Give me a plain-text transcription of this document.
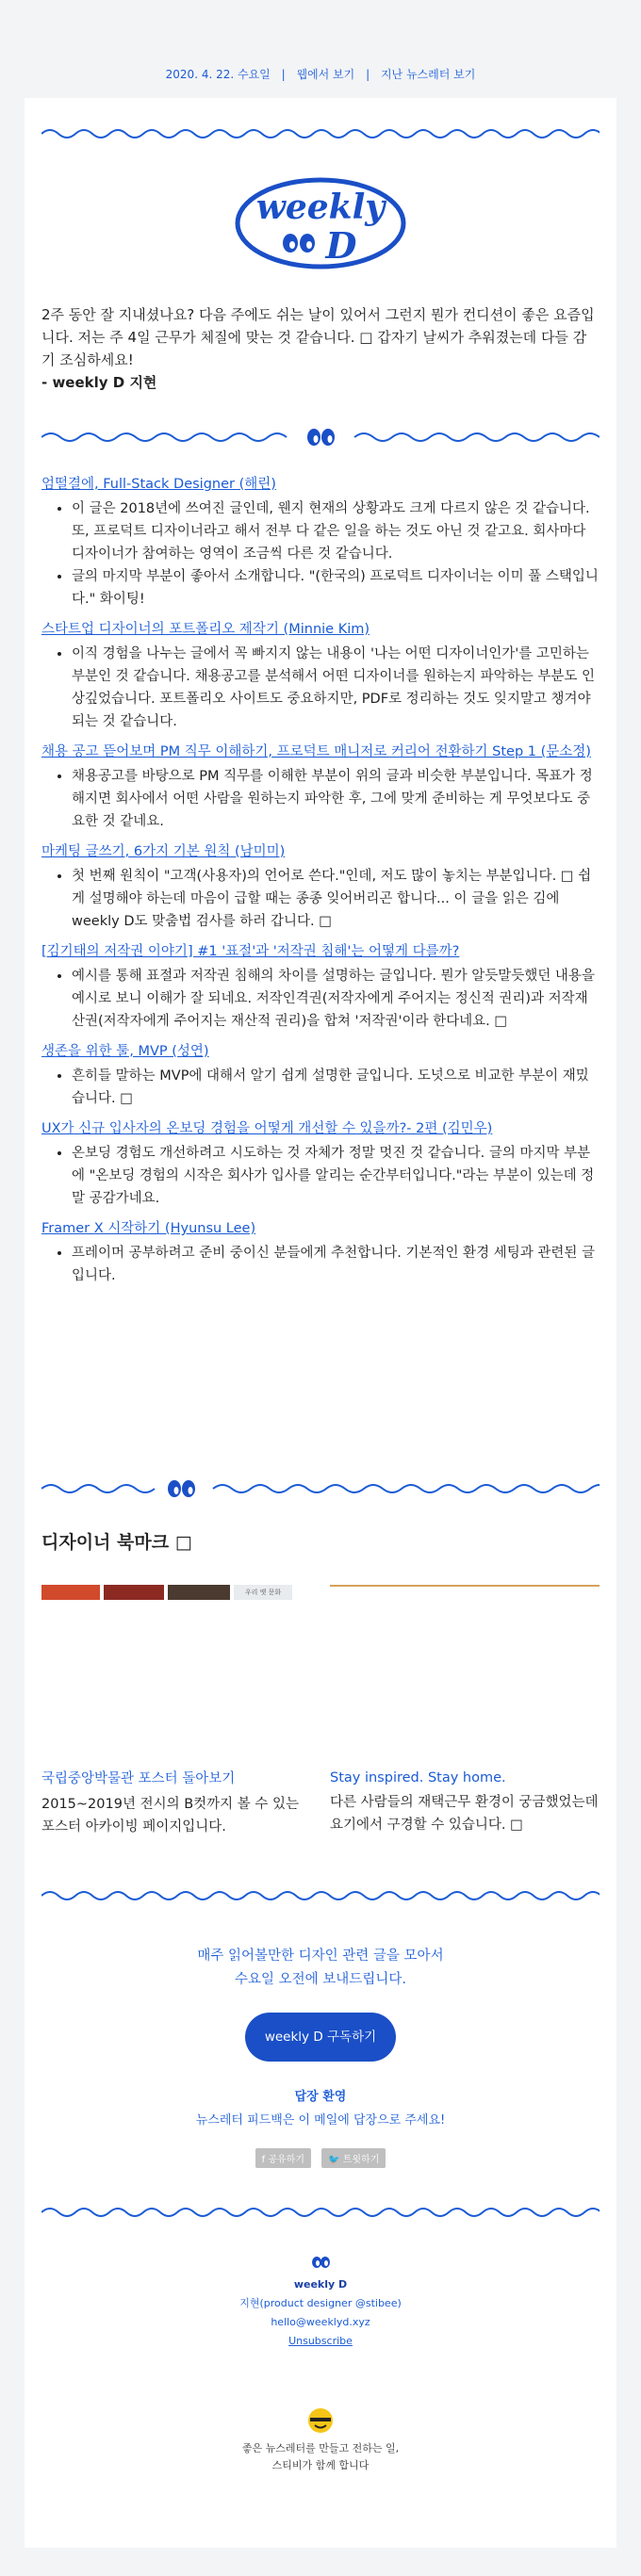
2020. 4. 22. 수요일 | 웹에서 보기 | 지난 뉴스레터 보기
weekly
D
2주 동안 잘 지내셨나요? 다음 주에도 쉬는 날이 있어서 그런지 뭔가 컨디션이 좋은 요즘입니다. 저는 주 4일 근무가 체질에 맞는 것 같습니다. □ 갑자기 날씨가 추워졌는데 다들 감기 조심하세요!
- weekly D 지현

엄떨결에, Full-Stack Designer (해린)

• 이 글은 2018년에 쓰여진 글인데, 웬지 현재의 상황과도 크게 다르지 않은 것 같습니다. 또, 프로덕트 디자이너라고 해서 전부 다 같은 일을 하는 것도 아닌 것 같고요. 회사마다 디자이너가 참여하는 영역이 조금씩 다른 것 같습니다.
• 글의 마지막 부분이 좋아서 소개합니다. "(한국의) 프로덕트 디자이너는 이미 풀 스택입니다." 화이팅!

스타트업 디자이너의 포트폴리오 제작기 (Minnie Kim)

• 이직 경험을 나누는 글에서 꼭 빠지지 않는 내용이 '나는 어떤 디자이너인가'를 고민하는 부분인 것 같습니다. 채용공고를 분석해서 어떤 디자이너를 원하는지 파악하는 부분도 인상깊었습니다. 포트폴리오 사이트도 중요하지만, PDF로 정리하는 것도 잊지말고 챙겨야되는 것 같습니다.

채용 공고 뜯어보며 PM 직무 이해하기, 프로덕트 매니저로 커리어 전환하기 Step 1 (문소정)

• 채용공고를 바탕으로 PM 직무를 이해한 부분이 위의 글과 비슷한 부분입니다. 목표가 정해지면 회사에서 어떤 사람을 원하는지 파악한 후, 그에 맞게 준비하는 게 무엇보다도 중요한 것 같네요.

마케팅 글쓰기, 6가지 기본 원칙 (남미미)

• 첫 번째 원칙이 "고객(사용자)의 언어로 쓴다."인데, 저도 많이 놓치는 부분입니다. □ 쉽게 설명해야 하는데 마음이 급할 때는 종종 잊어버리곤 합니다... 이 글을 읽은 김에 weekly D도 맞춤법 검사를 하러 갑니다. □

[김기태의 저작권 이야기] #1 '표절'과 '저작권 침해'는 어떻게 다를까?

• 예시를 통해 표절과 저작권 침해의 차이를 설명하는 글입니다. 뭔가 알듯말듯했던 내용을 예시로 보니 이해가 잘 되네요. 저작인격권(저작자에게 주어지는 정신적 권리)과 저작재산권(저작자에게 주어지는 재산적 권리)을 합쳐 '저작권'이라 한다네요. □

생존을 위한 툴, MVP (성연)

• 흔히들 말하는 MVP에 대해서 알기 쉽게 설명한 글입니다. 도넛으로 비교한 부분이 재밌습니다. □

UX가 신규 입사자의 온보딩 경험을 어떻게 개선할 수 있을까?- 2편 (김민우)

• 온보딩 경험도 개선하려고 시도하는 것 자체가 정말 멋진 것 같습니다. 글의 마지막 부분에 "온보딩 경험의 시작은 회사가 입사를 알리는 순간부터입니다."라는 부분이 있는데 정말 공감가네요.

Framer X 시작하기 (Hyunsu Lee)

• 프레이머 공부하려고 준비 중이신 분들에게 추천합니다. 기본적인 환경 세팅과 관련된 글입니다.
디자이너 북마크 □
우리 옛 문화
국립중앙박물관 포스터 돌아보기
2015~2019년 전시의 B컷까지 볼 수 있는 포스터 아카이빙 페이지입니다.
Stay inspired. Stay home.
다른 사람들의 재택근무 환경이 궁금했었는데 요기에서 구경할 수 있습니다. □
매주 읽어볼만한 디자인 관련 글을 모아서
수요일 오전에 보내드립니다.
weekly D 구독하기
답장 환영
뉴스레터 피드백은 이 메일에 답장으로 주세요!
f 공유하기	🐦 트윗하기
weekly D
지현(product designer @stibee)
hello@weeklyd.xyz
Unsubscribe
좋은 뉴스레터를 만들고 전하는 일,
스티비가 함께 합니다
